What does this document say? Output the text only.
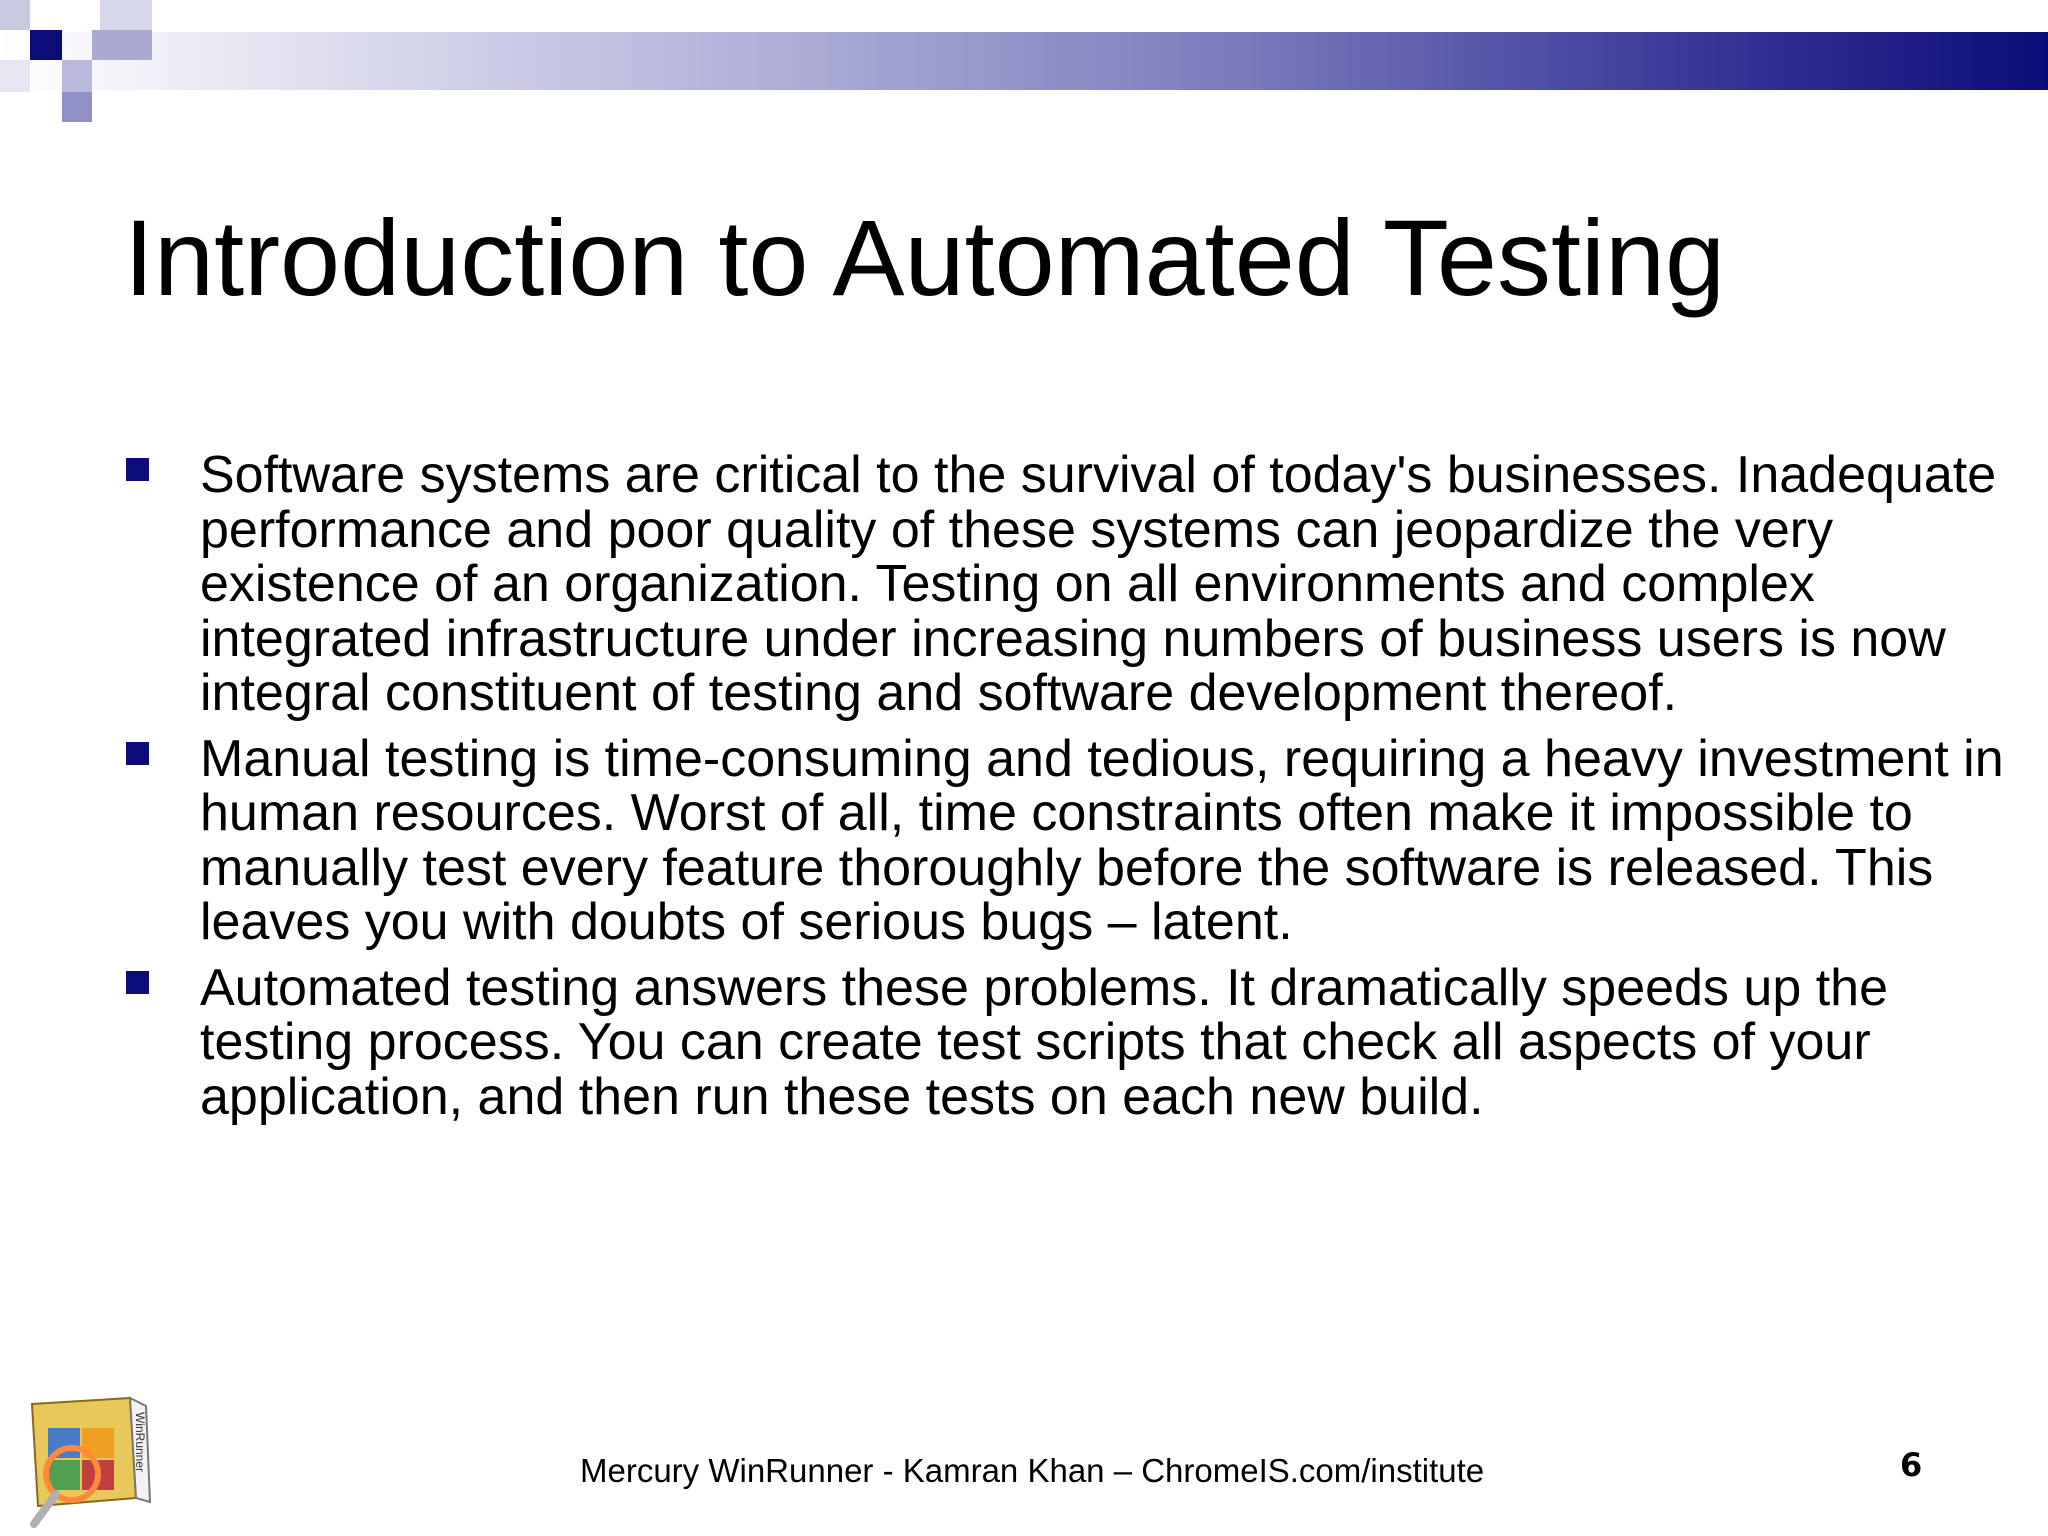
Introduction to Automated Testing
Software systems are critical to the survival of today's businesses. Inadequate performance and poor quality of these systems can jeopardize the very existence of an organization. Testing on all environments and complex integrated infrastructure under increasing numbers of business users is now integral constituent of testing and software development thereof.
Manual testing is time-consuming and tedious, requiring a heavy investment in human resources. Worst of all, time constraints often make it impossible to manually test every feature thoroughly before the software is released. This leaves you with doubts of serious bugs – latent.
Automated testing answers these problems. It dramatically speeds up the testing process. You can create test scripts that check all aspects of your application, and then run these tests on each new build.
WinRunner	Mercury WinRunner - Kamran Khan – ChromeIS.com/institute	6
